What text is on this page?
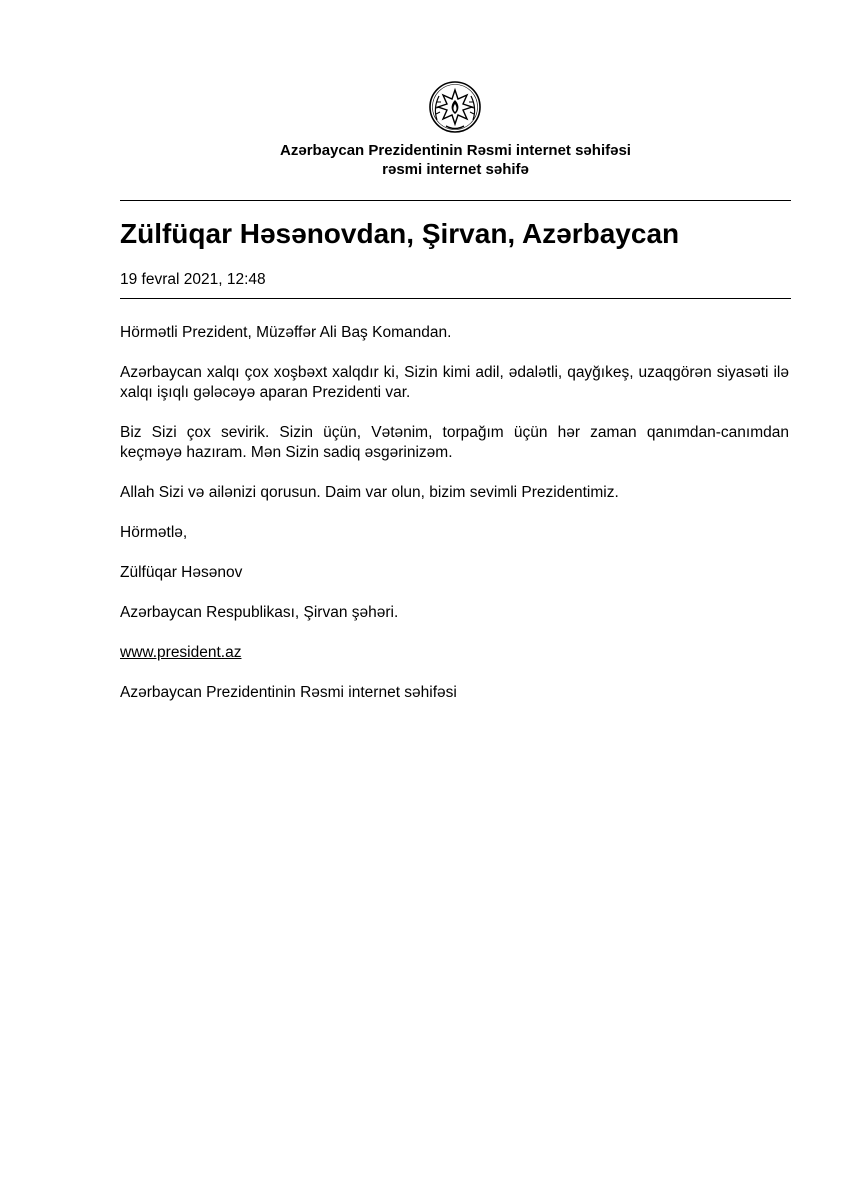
Azərbaycan Prezidentinin Rəsmi internet səhifəsi
rəsmi internet səhifə
Zülfüqar Həsənovdan, Şirvan, Azərbaycan
19 fevral 2021, 12:48

Hörmətli Prezident, Müzəffər Ali Baş Komandan.

Azərbaycan xalqı çox xoşbəxt xalqdır ki, Sizin kimi adil, ədalətli, qayğıkeş, uzaqgörən siyasəti ilə xalqı işıqlı gələcəyə aparan Prezidenti var.

Biz Sizi çox sevirik. Sizin üçün, Vətənim, torpağım üçün hər zaman qanımdan-canımdan keçməyə hazıram. Mən Sizin sadiq əsgərinizəm.

Allah Sizi və ailənizi qorusun. Daim var olun, bizim sevimli Prezidentimiz.

Hörmətlə,

Zülfüqar Həsənov

Azərbaycan Respublikası, Şirvan şəhəri.

www.president.az

Azərbaycan Prezidentinin Rəsmi internet səhifəsi
